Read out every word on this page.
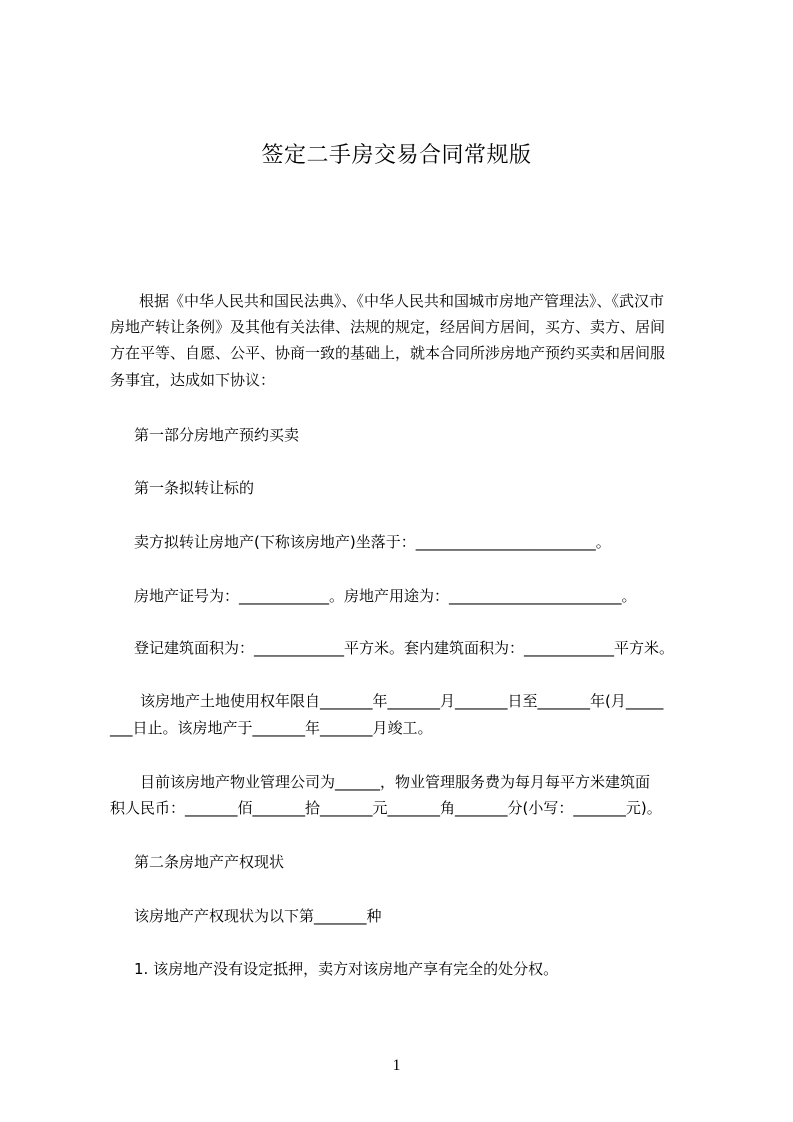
签定二手房交易合同常规版
根据《中华人民共和国民法典》、《中华人民共和国城市房地产管理法》、《武汉市
房地产转让条例》及其他有关法律、法规的规定，经居间方居间，买方、卖方、居间
方在平等、自愿、公平、协商一致的基础上，就本合同所涉房地产预约买卖和居间服
务事宜，达成如下协议：
第一部分房地产预约买卖
第一条拟转让标的
卖方拟转让房地产(下称该房地产)坐落于：________________________。
房地产证号为：____________。房地产用途为：_______________________。
登记建筑面积为：____________平方米。套内建筑面积为：____________平方米。
该房地产土地使用权年限自_______年_______月_______日至_______年(月_____
___日止。该房地产于_______年_______月竣工。
目前该房地产物业管理公司为______，物业管理服务费为每月每平方米建筑面
积人民币：_______佰_______拾_______元_______角_______分(小写：_______元)。
第二条房地产产权现状
该房地产产权现状为以下第_______种
1. 该房地产没有设定抵押，卖方对该房地产享有完全的处分权。
1
